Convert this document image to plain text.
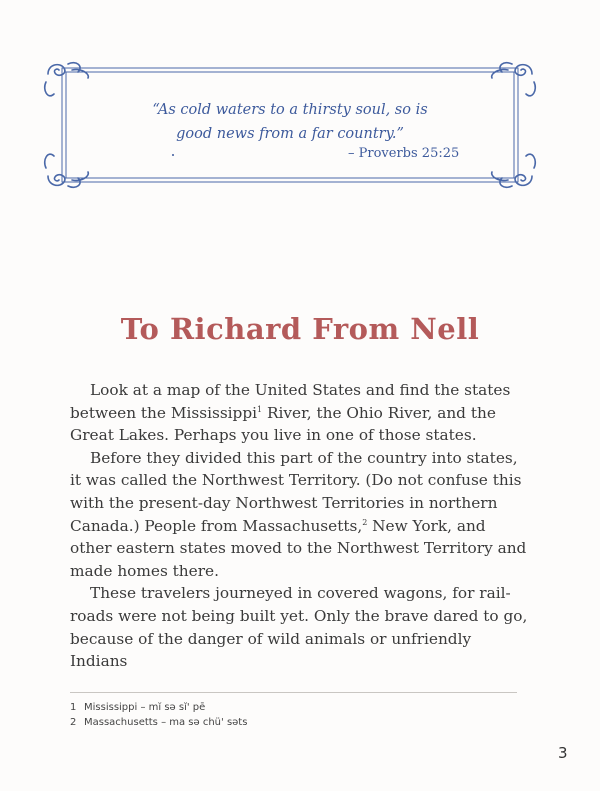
“As cold waters to a thirsty soul, so is
good news from a far country.”
– Proverbs 25:25
To Richard From Nell

Look at a map of the United States and find the states between the Mississippi$^1$ River, the Ohio River, and the Great Lakes. Perhaps you live in one of those states.

Before they divided this part of the country into states, it was called the Northwest Territory. (Do not confuse this with the present-day Northwest Territories in northern Canada.) People from Massachusetts,$^2$ New York, and other eastern states moved to the Northwest Territory and made homes there.

These travelers journeyed in covered wagons, for rail-roads were not being built yet. Only the brave dared to go, because of the danger of wild animals or unfriendly Indians

1 Mississippi – mĭ sə sĭ' pē
2 Massachusetts – ma sə chü' səts
3
